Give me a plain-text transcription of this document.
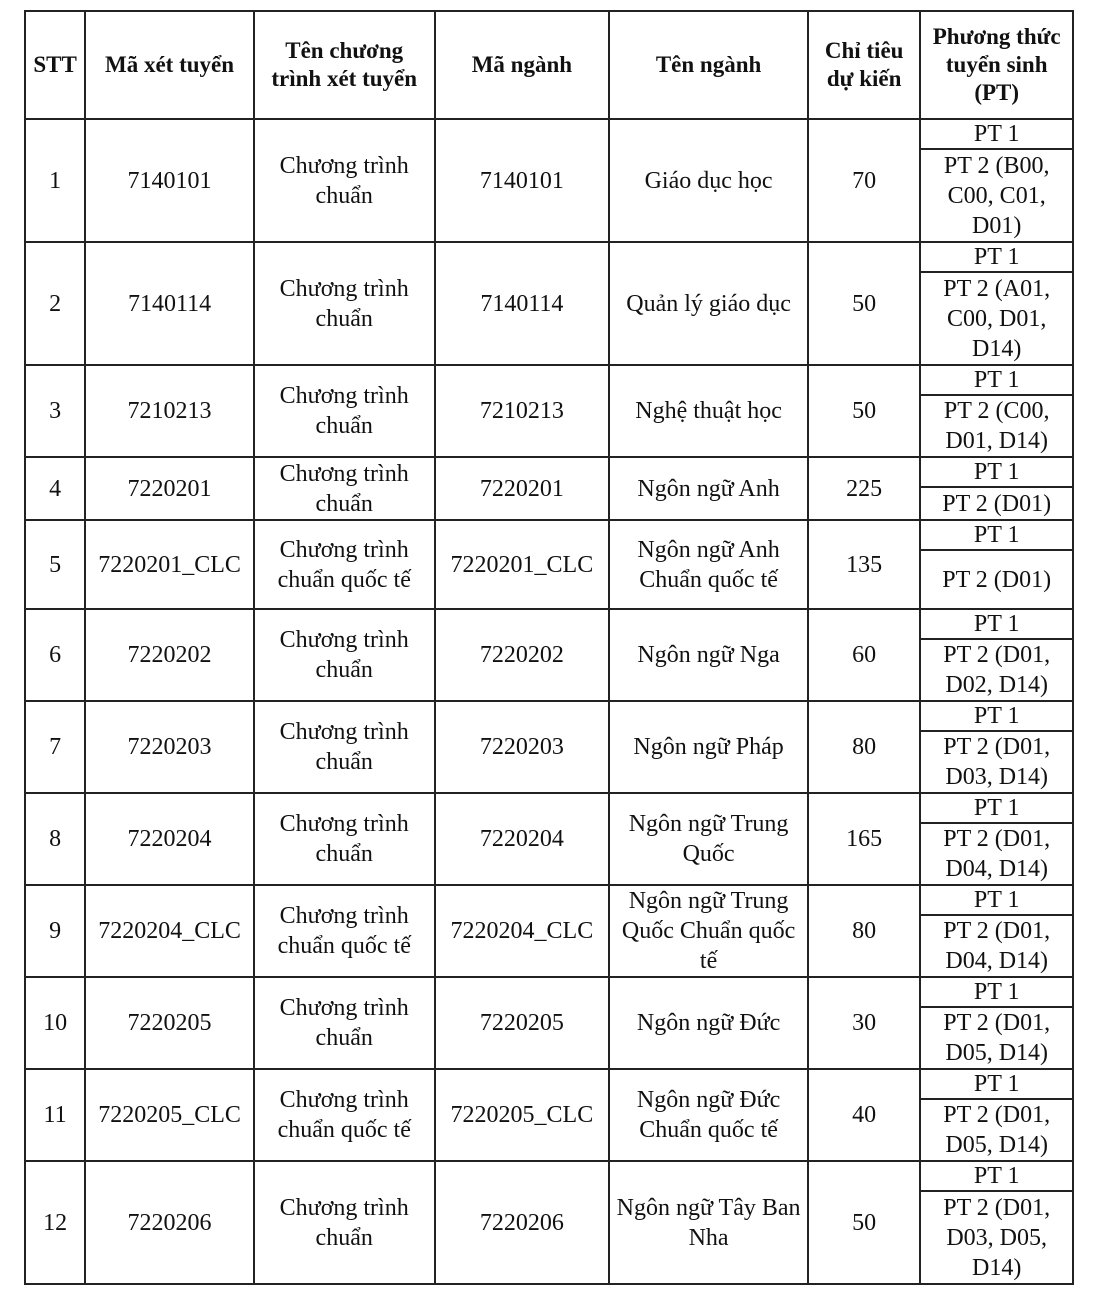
STT	Mã xét tuyển	Tên chương trình xét tuyển	Mã ngành	Tên ngành	Chỉ tiêu dự kiến	Phương thức tuyển sinh (PT)
1	7140101	Chương trình chuẩn	7140101	Giáo dục học	70	PT 1
						PT 2 (B00, C00, C01, D01)
2	7140114	Chương trình chuẩn	7140114	Quản lý giáo dục	50	PT 1
						PT 2 (A01, C00, D01, D14)
3	7210213	Chương trình chuẩn	7210213	Nghệ thuật học	50	PT 1
						PT 2 (C00, D01, D14)
4	7220201	Chương trình chuẩn	7220201	Ngôn ngữ Anh	225	PT 1
						PT 2 (D01)
5	7220201_CLC	Chương trình chuẩn quốc tế	7220201_CLC	Ngôn ngữ Anh Chuẩn quốc tế	135	PT 1
						PT 2 (D01)
6	7220202	Chương trình chuẩn	7220202	Ngôn ngữ Nga	60	PT 1
						PT 2 (D01, D02, D14)
7	7220203	Chương trình chuẩn	7220203	Ngôn ngữ Pháp	80	PT 1
						PT 2 (D01, D03, D14)
8	7220204	Chương trình chuẩn	7220204	Ngôn ngữ Trung Quốc	165	PT 1
						PT 2 (D01, D04, D14)
9	7220204_CLC	Chương trình chuẩn quốc tế	7220204_CLC	Ngôn ngữ Trung Quốc Chuẩn quốc tế	80	PT 1
						PT 2 (D01, D04, D14)
10	7220205	Chương trình chuẩn	7220205	Ngôn ngữ Đức	30	PT 1
						PT 2 (D01, D05, D14)
11	7220205_CLC	Chương trình chuẩn quốc tế	7220205_CLC	Ngôn ngữ Đức Chuẩn quốc tế	40	PT 1
						PT 2 (D01, D05, D14)
12	7220206	Chương trình chuẩn	7220206	Ngôn ngữ Tây Ban Nha	50	PT 1
						PT 2 (D01, D03, D05, D14)
